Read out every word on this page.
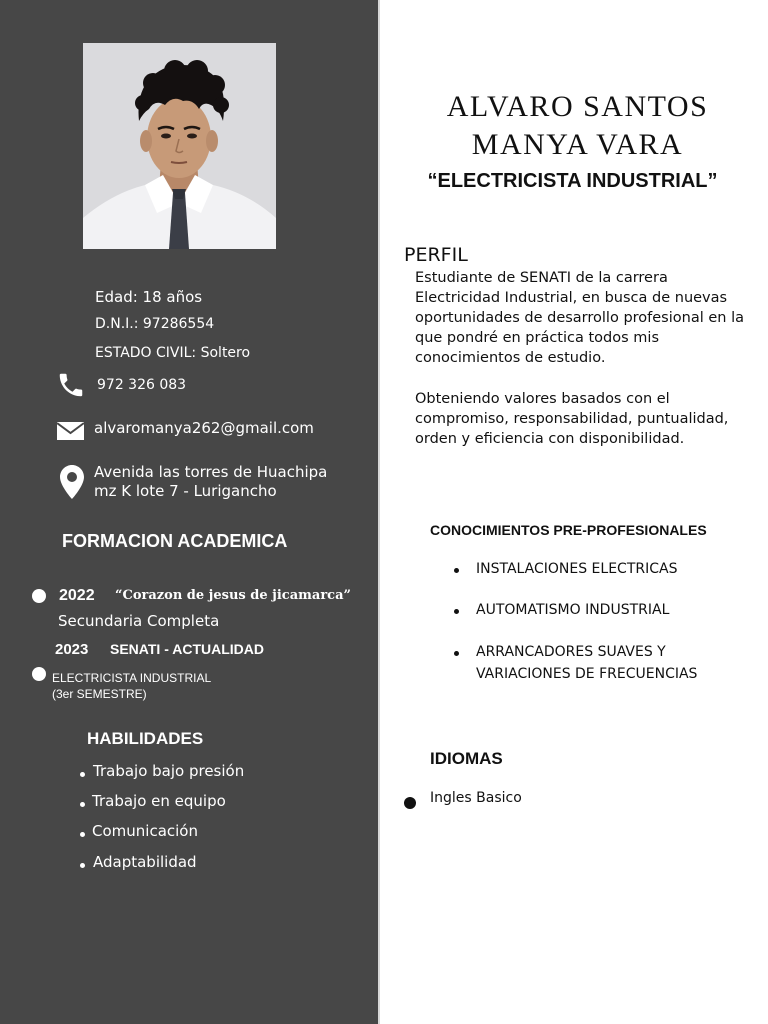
Edad: 18 años
D.N.I.: 97286554
ESTADO CIVIL: Soltero
972 326 083
alvaromanya262@gmail.com
Avenida las torres de Huachipa
mz K lote 7 - Lurigancho
FORMACION ACADEMICA
2022 “Corazon de jesus de jicamarca”
Secundaria Completa
2023 SENATI - ACTUALIDAD
ELECTRICISTA INDUSTRIAL
(3er SEMESTRE)
HABILIDADES
Trabajo bajo presión
Trabajo en equipo
Comunicación
Adaptabilidad
ALVARO SANTOS
MANYA VARA
“ELECTRICISTA INDUSTRIAL”
PERFIL

Estudiante de SENATI de la carrera Electricidad Industrial, en busca de nuevas oportunidades de desarrollo profesional en la que pondré en práctica todos mis conocimientos de estudio.

Obteniendo valores basados con el compromiso, responsabilidad, puntualidad, orden y eficiencia con disponibilidad.

CONOCIMIENTOS PRE-PROFESIONALES
INSTALACIONES ELECTRICAS
AUTOMATISMO INDUSTRIAL
ARRANCADORES SUAVES Y
VARIACIONES DE FRECUENCIAS
IDIOMAS
Ingles Basico
